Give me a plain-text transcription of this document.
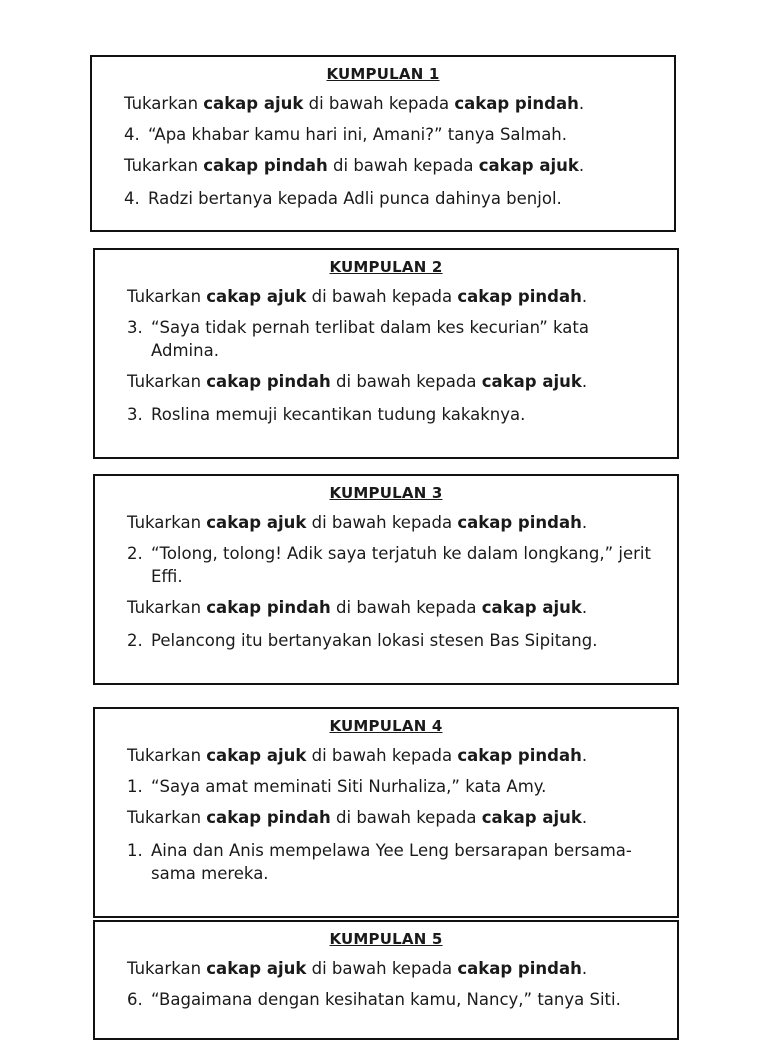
KUMPULAN 1
Tukarkan cakap ajuk di bawah kepada cakap pindah.
4. “Apa khabar kamu hari ini, Amani?” tanya Salmah.
Tukarkan cakap pindah di bawah kepada cakap ajuk.
4. Radzi bertanya kepada Adli punca dahinya benjol.
KUMPULAN 2
Tukarkan cakap ajuk di bawah kepada cakap pindah.
3. “Saya tidak pernah terlibat dalam kes kecurian” kata Admina.
Tukarkan cakap pindah di bawah kepada cakap ajuk.
3. Roslina memuji kecantikan tudung kakaknya.
KUMPULAN 3
Tukarkan cakap ajuk di bawah kepada cakap pindah.
2. “Tolong, tolong! Adik saya terjatuh ke dalam longkang,” jerit Effi.
Tukarkan cakap pindah di bawah kepada cakap ajuk.
2. Pelancong itu bertanyakan lokasi stesen Bas Sipitang.
KUMPULAN 4
Tukarkan cakap ajuk di bawah kepada cakap pindah.
1. “Saya amat meminati Siti Nurhaliza,” kata Amy.
Tukarkan cakap pindah di bawah kepada cakap ajuk.
1. Aina dan Anis mempelawa Yee Leng bersarapan bersama-sama mereka.
KUMPULAN 5
Tukarkan cakap ajuk di bawah kepada cakap pindah.
6. “Bagaimana dengan kesihatan kamu, Nancy,” tanya Siti.
